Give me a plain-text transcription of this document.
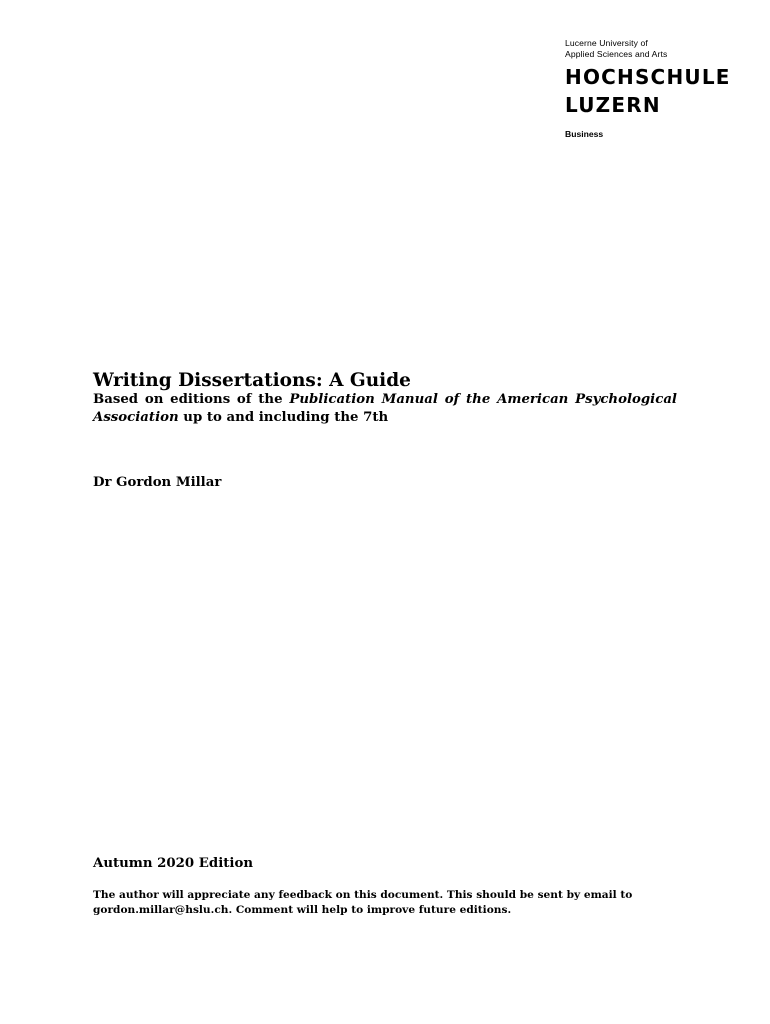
Lucerne University of
Applied Sciences and Arts
HOCHSCHULE
LUZERN
Business
Writing Dissertations: A Guide
Based on editions of the Publication Manual of the American Psychological Association up to and including the 7th
Dr Gordon Millar
Autumn 2020 Edition
The author will appreciate any feedback on this document. This should be sent by email to gordon.millar@hslu.ch. Comment will help to improve future editions.
